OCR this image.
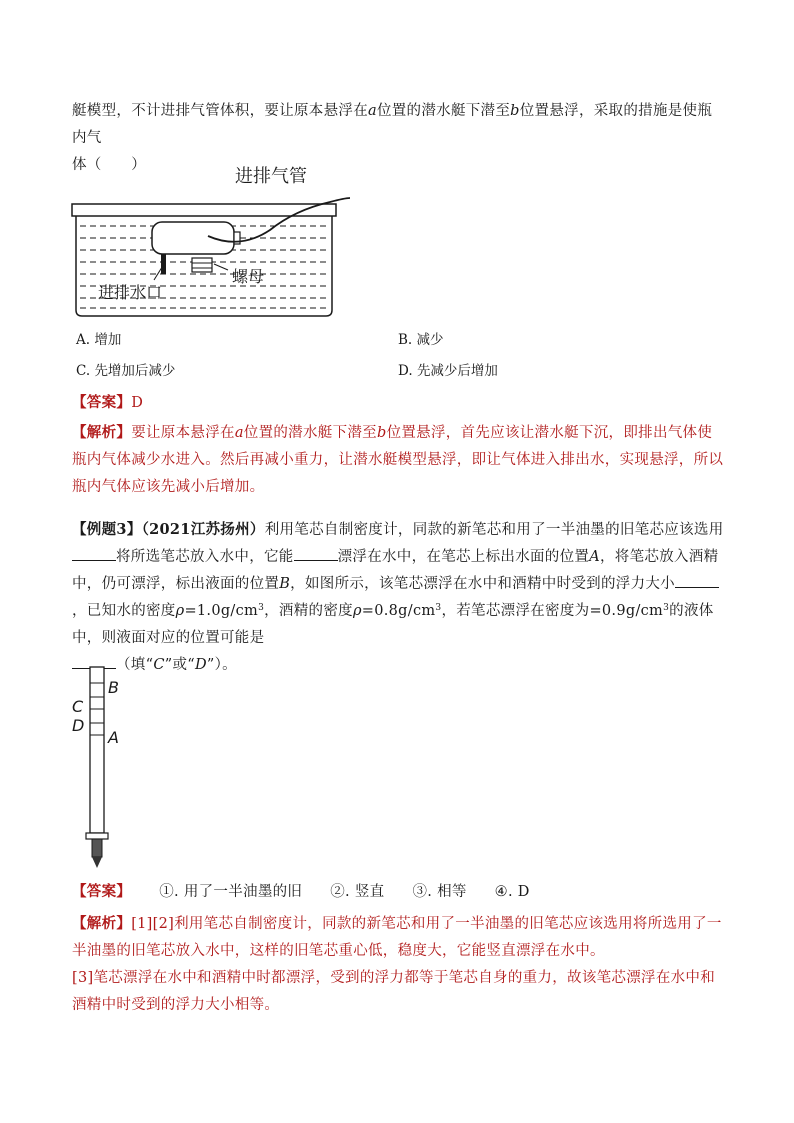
艇模型，不计进排气管体积，要让原本悬浮在a位置的潜水艇下潜至b位置悬浮，采取的措施是使瓶内气
体（　　）
进排气管
螺母
进排水口
A. 增加	B. 减少
C. 先增加后减少	D. 先减少后增加
【答案】D
【解析】要让原本悬浮在a位置的潜水艇下潜至b位置悬浮，首先应该让潜水艇下沉，即排出气体使瓶内气体减少水进入。然后再减小重力，让潜水艇模型悬浮，即让气体进入排出水，实现悬浮，所以瓶内气体应该先减小后增加。
【例题3】（2021江苏扬州）利用笔芯自制密度计，同款的新笔芯和用了一半油墨的旧笔芯应该选用将所选笔芯放入水中，它能	漂浮在水中，在笔芯上标出水面的位置A，将笔芯放入酒精中，仍可漂浮，标出液面的位置B，如图所示，该笔芯漂浮在水中和酒精中时受到的浮力大小，已知水的密度$\rho=1.0g/cm^3$，酒精的密度$\rho=0.8g/cm^3$，若笔芯漂浮在密度为$=0.9g/cm^3$的液体中，则液面对应的位置可能是
（填“C”或“D”）。
B
C
D
A
【答案】 ①. 用了一半油墨的旧 ②. 竖直 ③. 相等 ④. D
【解析】[1][2]利用笔芯自制密度计，同款的新笔芯和用了一半油墨的旧笔芯应该选用将所选用了一半油墨的旧笔芯放入水中，这样的旧笔芯重心低，稳度大，它能竖直漂浮在水中。
[3]笔芯漂浮在水中和酒精中时都漂浮，受到的浮力都等于笔芯自身的重力，故该笔芯漂浮在水中和酒精中时受到的浮力大小相等。
